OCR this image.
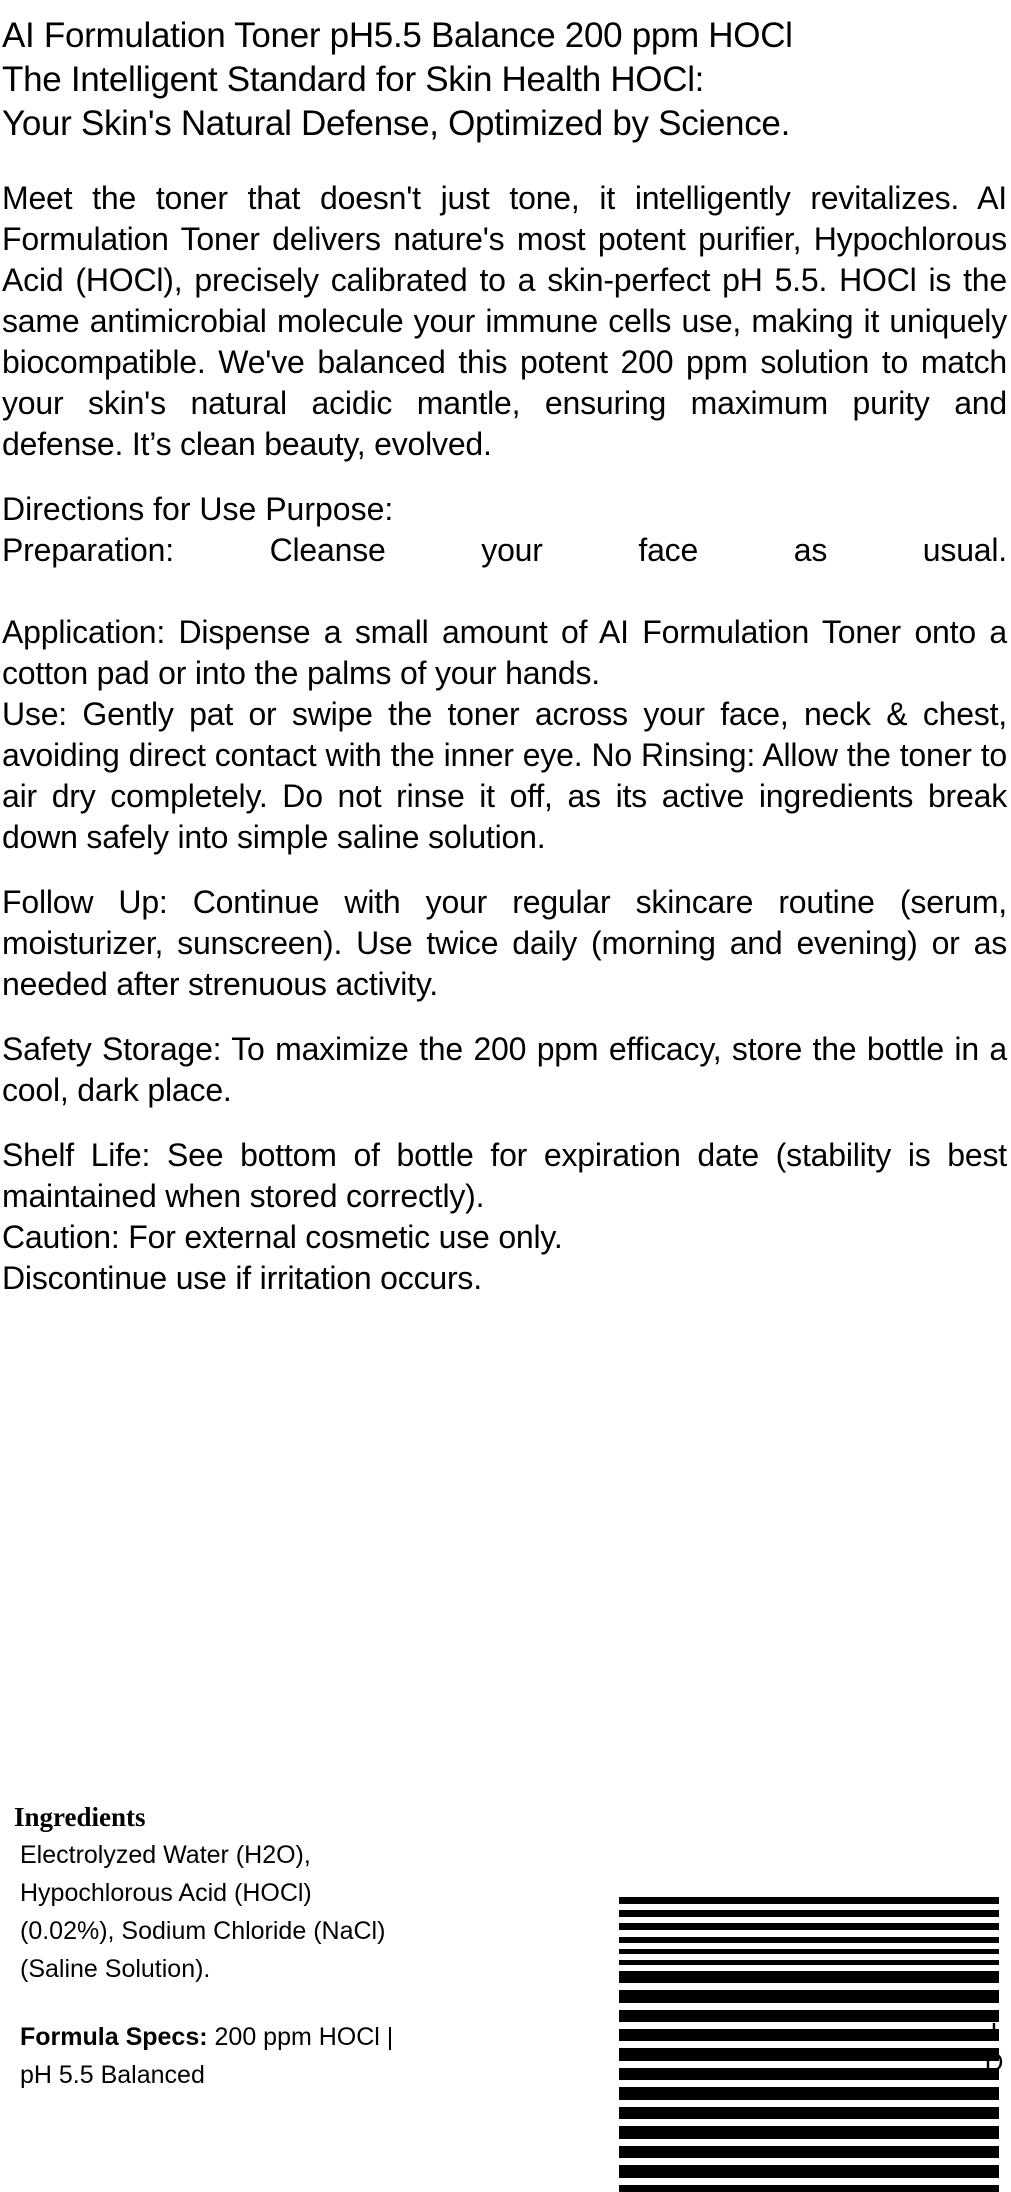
AI Formulation Toner pH5.5 Balance 200 ppm HOCl
The Intelligent Standard for Skin Health HOCl:
Your Skin's Natural Defense, Optimized by Science.

Meet the toner that doesn't just tone, it intelligently revitalizes. AI Formulation Toner delivers nature's most potent purifier, Hypochlorous Acid (HOCl), precisely calibrated to a skin-perfect pH 5.5. HOCl is the same antimicrobial molecule your immune cells use, making it uniquely biocompatible. We've balanced this potent 200 ppm solution to match your skin's natural acidic mantle, ensuring maximum purity and defense. It’s clean beauty, evolved.

Directions for Use Purpose:

Preparation: Cleanse your face as usual.

Application: Dispense a small amount of AI Formulation Toner onto a cotton pad or into the palms of your hands.

Use: Gently pat or swipe the toner across your face, neck & chest, avoiding direct contact with the inner eye. No Rinsing: Allow the toner to air dry completely. Do not rinse it off, as its active ingredients break down safely into simple saline solution.

Follow Up: Continue with your regular skincare routine (serum, moisturizer, sunscreen). Use twice daily (morning and evening) or as needed after strenuous activity.

Safety Storage: To maximize the 200 ppm efficacy, store the bottle in a cool, dark place.

Shelf Life: See bottom of bottle for expiration date (stability is best maintained when stored correctly).

Caution: For external cosmetic use only.

Discontinue use if irritation occurs.

Ingredients

Electrolyzed Water (H2O),
Hypochlorous Acid (HOCl)
(0.02%), Sodium Chloride (NaCl)
(Saline Solution).
Formula Specs: 200 ppm HOCl |
pH 5.5 Balanced	ID
